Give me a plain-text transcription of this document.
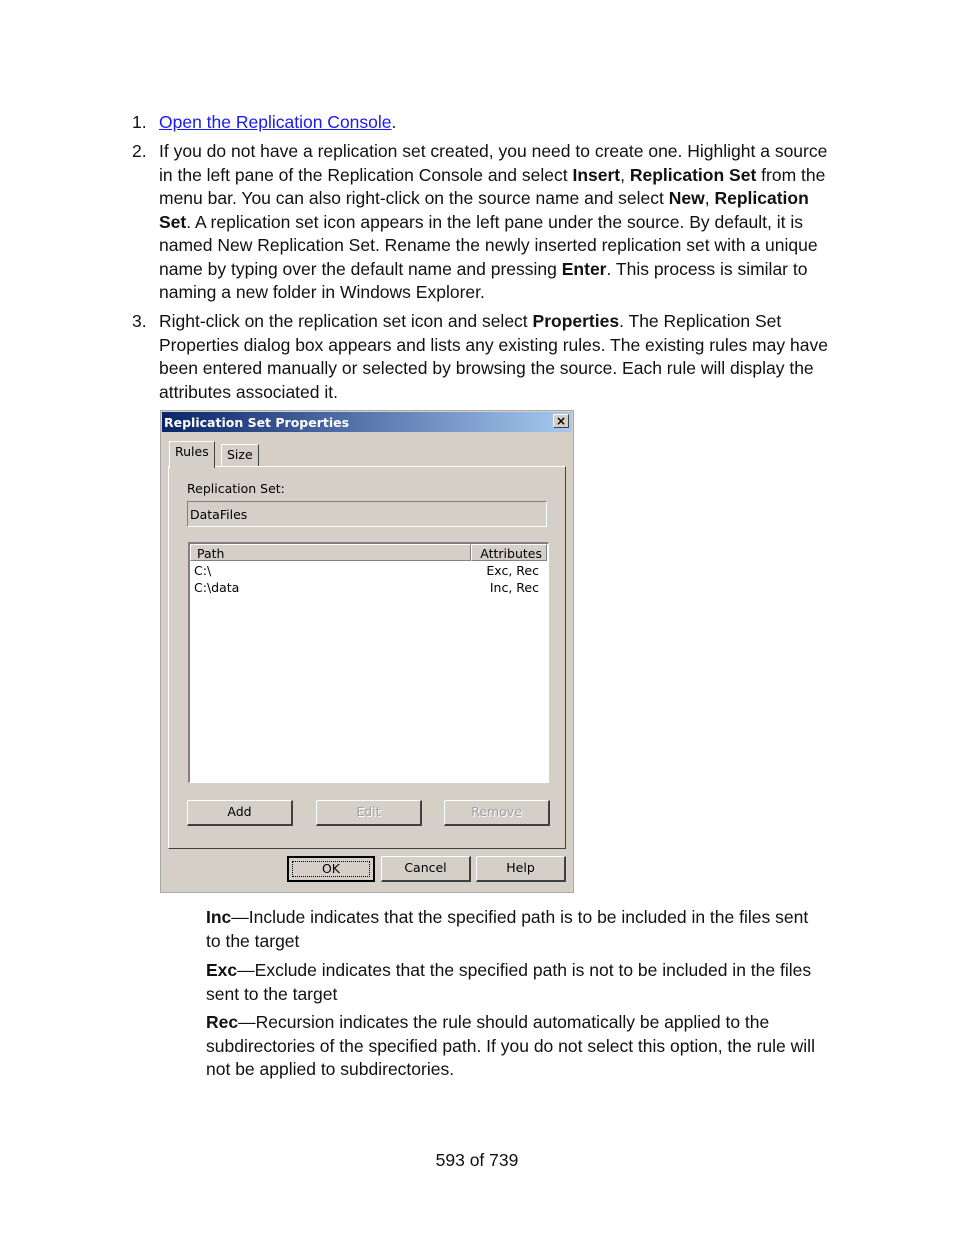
1. Open the Replication Console.
2. If you do not have a replication set created, you need to create one. Highlight a source in the left pane of the Replication Console and select Insert, Replication Set from the menu bar. You can also right-click on the source name and select New, Replication Set. A replication set icon appears in the left pane under the source. By default, it is named New Replication Set. Rename the newly inserted replication set with a unique name by typing over the default name and pressing Enter. This process is similar to naming a new folder in Windows Explorer.
3. Right-click on the replication set icon and select Properties. The Replication Set Properties dialog box appears and lists any existing rules. The existing rules may have been entered manually or selected by browsing the source. Each rule will display the attributes associated it.
Replication Set Properties	×
Rules	Size
Replication Set:
DataFiles
Path	Attributes
C:\	Exc, Rec
C:\data	Inc, Rec
Add	Edit	Remove
OK	Cancel	Help
Inc—Include indicates that the specified path is to be included in the files sent to the target
Exc—Exclude indicates that the specified path is not to be included in the files sent to the target
Rec—Recursion indicates the rule should automatically be applied to the subdirectories of the specified path. If you do not select this option, the rule will not be applied to subdirectories.
593 of 739
